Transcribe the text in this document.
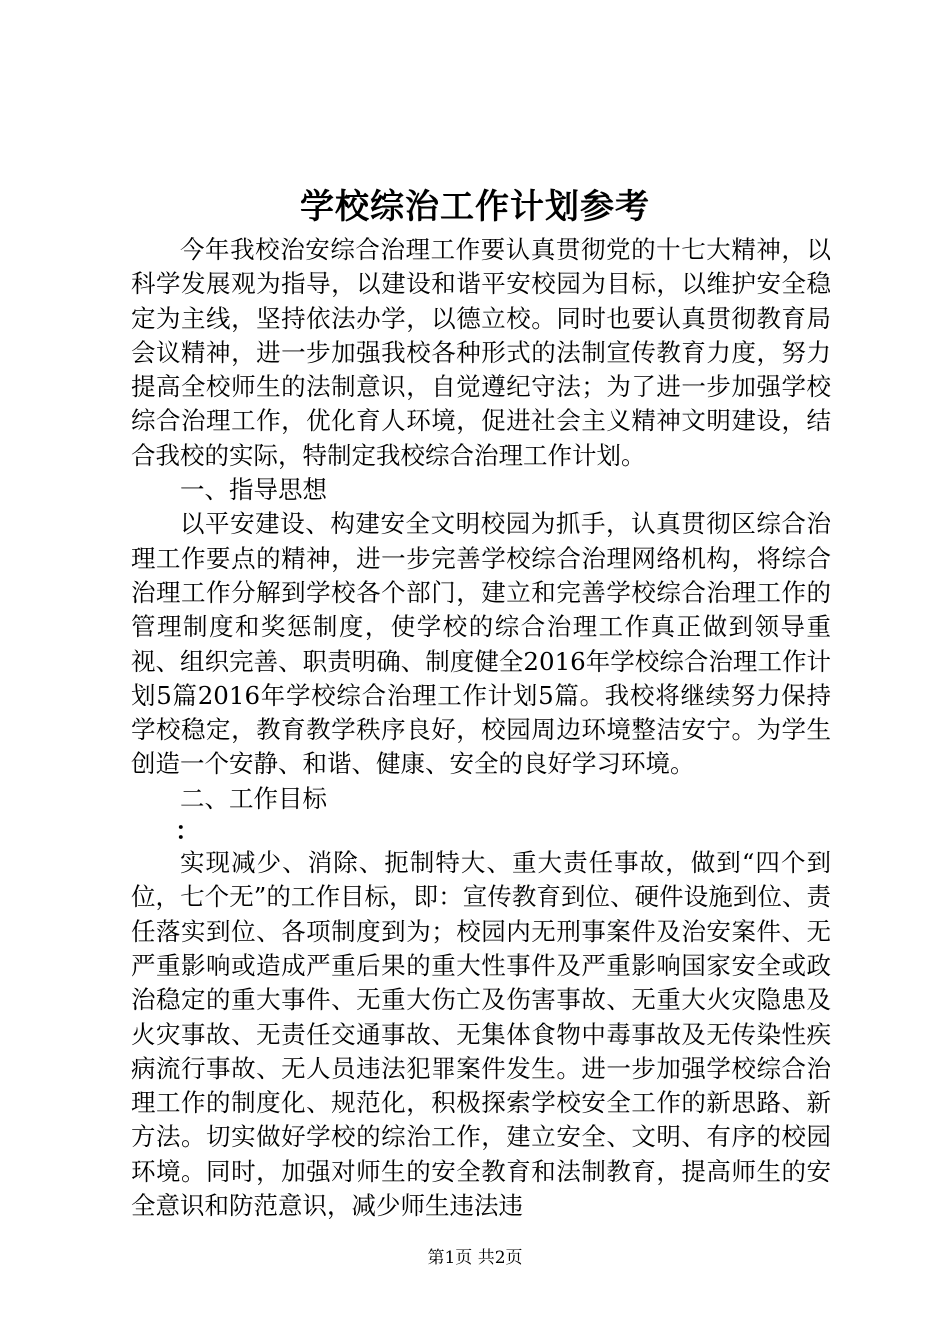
学校综治工作计划参考

今年我校治安综合治理工作要认真贯彻党的十七大精神，以科学发展观为指导，以建设和谐平安校园为目标，以维护安全稳定为主线，坚持依法办学，以德立校。同时也要认真贯彻教育局会议精神，进一步加强我校各种形式的法制宣传教育力度，努力提高全校师生的法制意识，自觉遵纪守法；为了进一步加强学校综合治理工作，优化育人环境，促进社会主义精神文明建设，结合我校的实际，特制定我校综合治理工作计划。

一、指导思想

以平安建设、构建安全文明校园为抓手，认真贯彻区综合治理工作要点的精神，进一步完善学校综合治理网络机构，将综合治理工作分解到学校各个部门，建立和完善学校综合治理工作的管理制度和奖惩制度，使学校的综合治理工作真正做到领导重视、组织完善、职责明确、制度健全2016年学校综合治理工作计划5篇2016年学校综合治理工作计划5篇。我校将继续努力保持学校稳定，教育教学秩序良好，校园周边环境整洁安宁。为学生创造一个安静、和谐、健康、安全的良好学习环境。

二、工作目标

：

实现减少、消除、扼制特大、重大责任事故，做到“四个到位，七个无”的工作目标，即：宣传教育到位、硬件设施到位、责任落实到位、各项制度到为；校园内无刑事案件及治安案件、无严重影响或造成严重后果的重大性事件及严重影响国家安全或政治稳定的重大事件、无重大伤亡及伤害事故、无重大火灾隐患及火灾事故、无责任交通事故、无集体食物中毒事故及无传染性疾病流行事故、无人员违法犯罪案件发生。进一步加强学校综合治理工作的制度化、规范化，积极探索学校安全工作的新思路、新方法。切实做好学校的综治工作，建立安全、文明、有序的校园环境。同时，加强对师生的安全教育和法制教育，提高师生的安全意识和防范意识，减少师生违法违

第1页 共2页
